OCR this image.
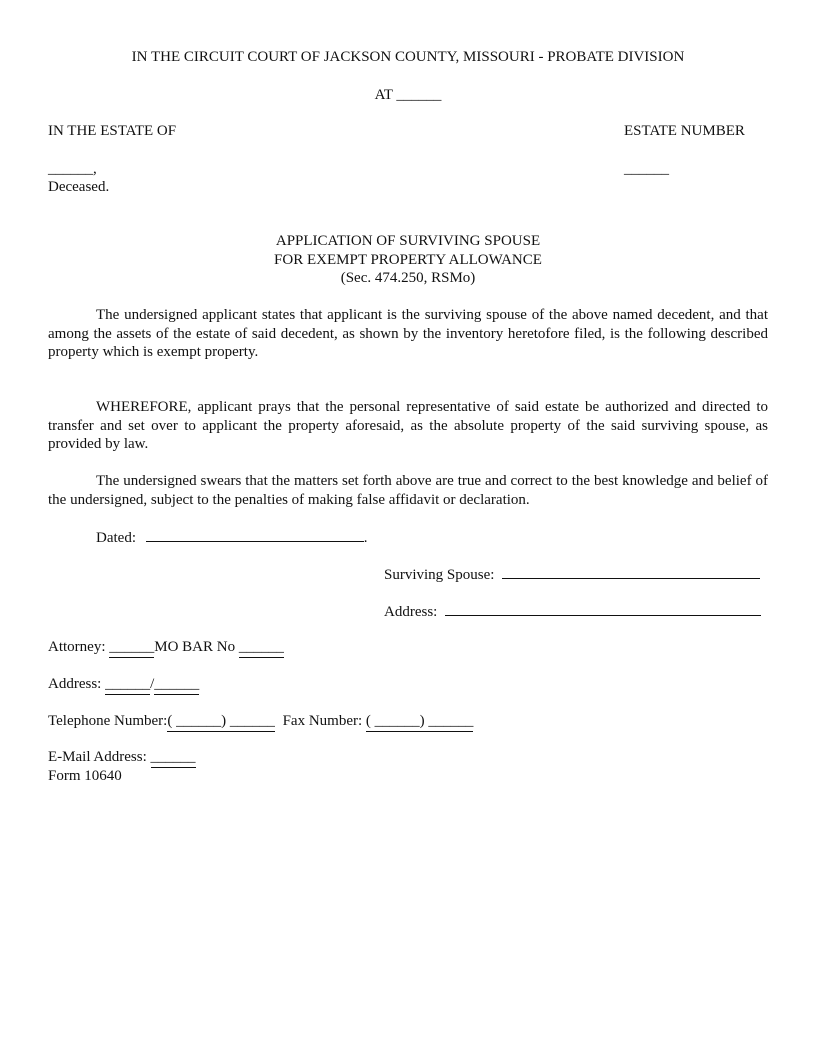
IN THE CIRCUIT COURT OF JACKSON COUNTY, MISSOURI - PROBATE DIVISION
AT ______
IN THE ESTATE OF	ESTATE NUMBER
______,	______
Deceased.
APPLICATION OF SURVIVING SPOUSE
FOR EXEMPT PROPERTY ALLOWANCE
(Sec. 474.250, RSMo)
The undersigned applicant states that applicant is the surviving spouse of the above named decedent, and that among the assets of the estate of said decedent, as shown by the inventory heretofore filed, is the following described property which is exempt property.
WHEREFORE, applicant prays that the personal representative of said estate be authorized and directed to transfer and set over to applicant the property aforesaid, as the absolute property of the said surviving spouse, as provided by law.
The undersigned swears that the matters set forth above are true and correct to the best knowledge and belief of the undersigned, subject to the penalties of making false affidavit or declaration.
Dated:	.
Surviving Spouse:
Address:
Attorney: ______MO BAR No ______
Address: ______/______
Telephone Number:( ______) ______ Fax Number: ( ______) ______
E-Mail Address: ______
Form 10640
